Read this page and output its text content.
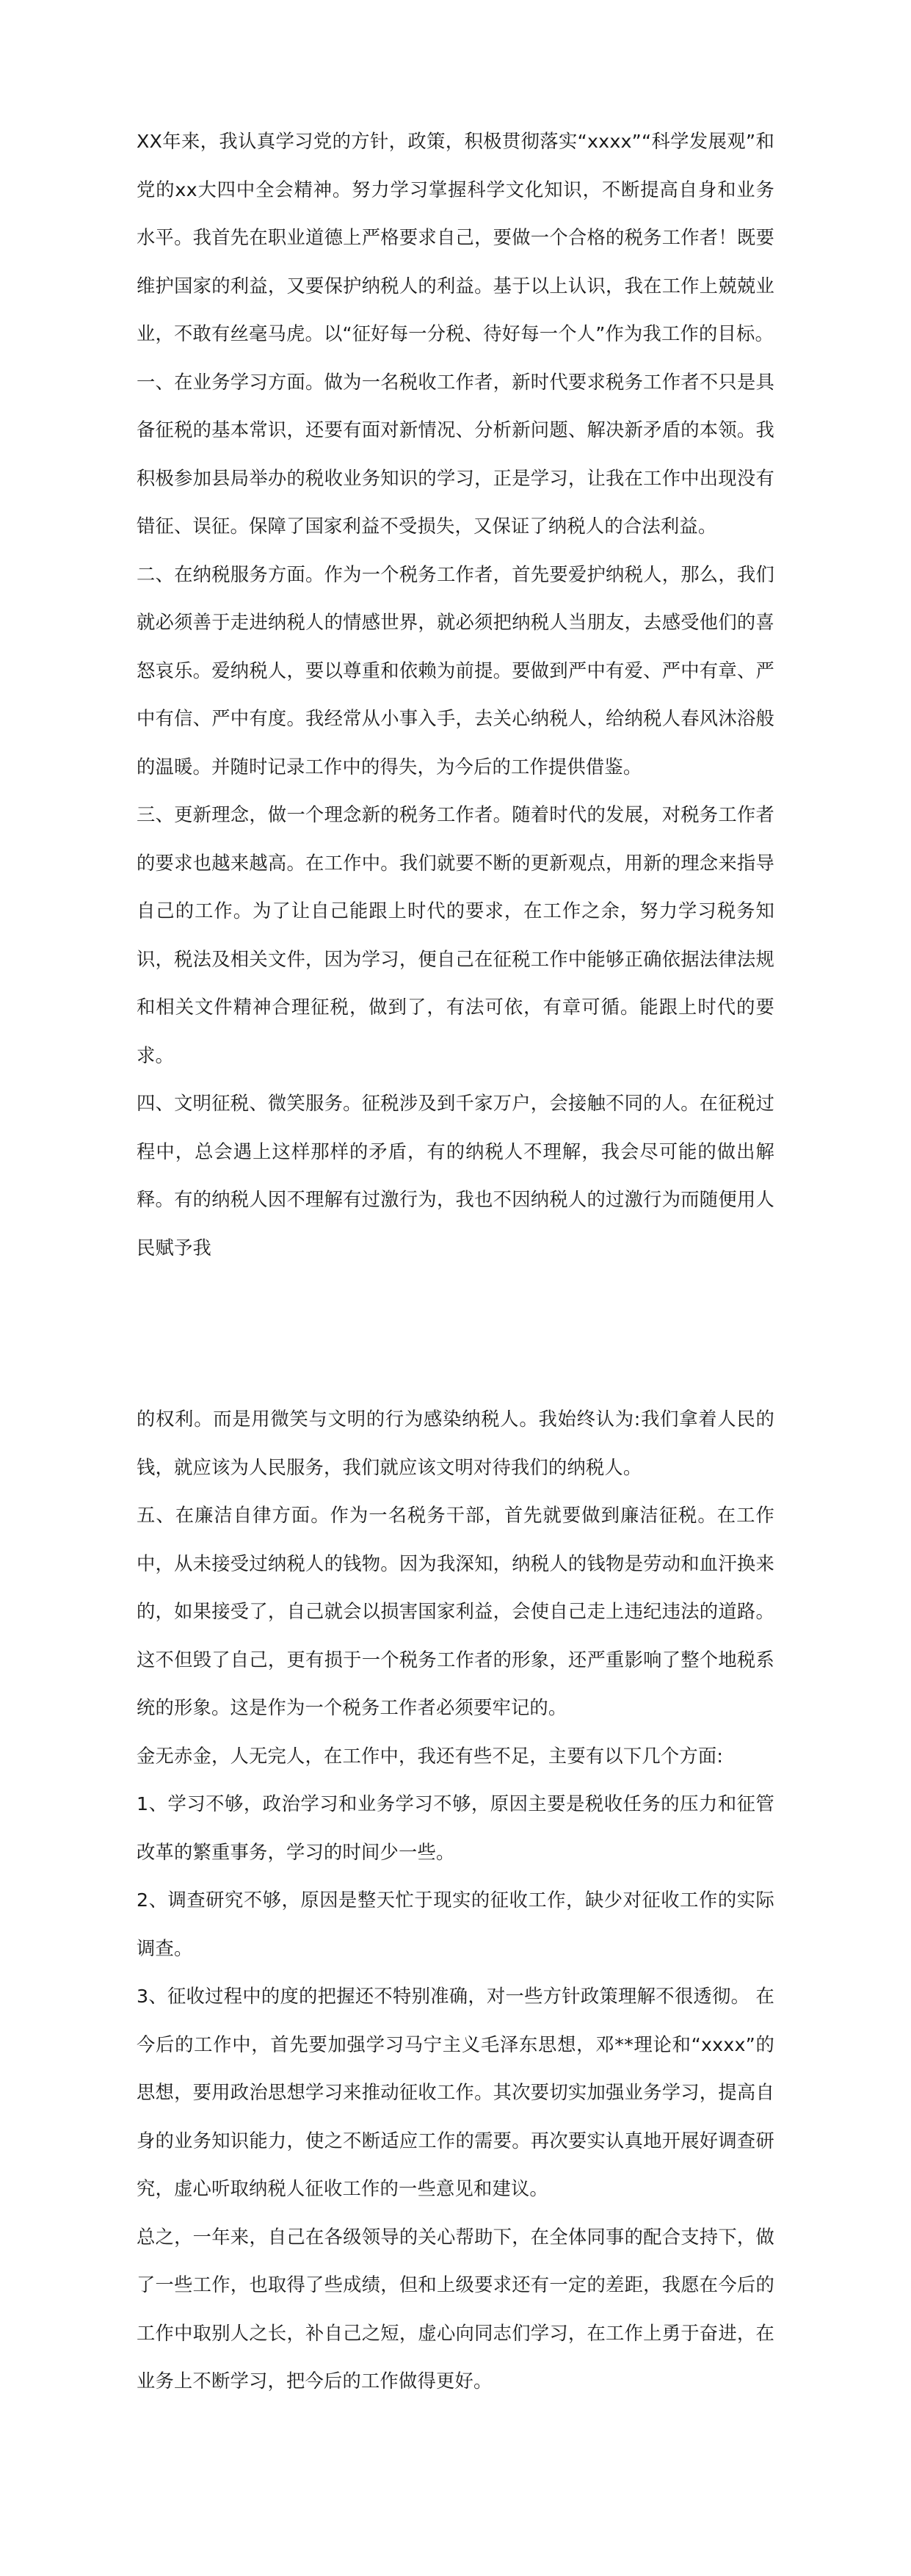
XX年来，我认真学习党的方针，政策，积极贯彻落实“xxxx”“科学发展观”和党的xx大四中全会精神。努力学习掌握科学文化知识，不断提高自身和业务水平。我首先在职业道德上严格要求自己，要做一个合格的税务工作者！既要维护国家的利益，又要保护纳税人的利益。基于以上认识，我在工作上兢兢业业，不敢有丝毫马虎。以“征好每一分税、待好每一个人”作为我工作的目标。

一、在业务学习方面。做为一名税收工作者，新时代要求税务工作者不只是具备征税的基本常识，还要有面对新情况、分析新问题、解决新矛盾的本领。我积极参加县局举办的税收业务知识的学习，正是学习，让我在工作中出现没有错征、误征。保障了国家利益不受损失，又保证了纳税人的合法利益。

二、在纳税服务方面。作为一个税务工作者，首先要爱护纳税人，那么，我们就必须善于走进纳税人的情感世界，就必须把纳税人当朋友，去感受他们的喜怒哀乐。爱纳税人，要以尊重和依赖为前提。要做到严中有爱、严中有章、严中有信、严中有度。我经常从小事入手，去关心纳税人，给纳税人春风沐浴般的温暖。并随时记录工作中的得失，为今后的工作提供借鉴。

三、更新理念，做一个理念新的税务工作者。随着时代的发展，对税务工作者的要求也越来越高。在工作中。我们就要不断的更新观点，用新的理念来指导自己的工作。为了让自己能跟上时代的要求，在工作之余，努力学习税务知识，税法及相关文件，因为学习，便自己在征税工作中能够正确依据法律法规和相关文件精神合理征税，做到了，有法可依，有章可循。能跟上时代的要求。

四、文明征税、微笑服务。征税涉及到千家万户，会接触不同的人。在征税过程中，总会遇上这样那样的矛盾，有的纳税人不理解，我会尽可能的做出解释。有的纳税人因不理解有过激行为，我也不因纳税人的过激行为而随便用人民赋予我

的权利。而是用微笑与文明的行为感染纳税人。我始终认为:我们拿着人民的钱，就应该为人民服务，我们就应该文明对待我们的纳税人。

五、在廉洁自律方面。作为一名税务干部，首先就要做到廉洁征税。在工作中，从未接受过纳税人的钱物。因为我深知，纳税人的钱物是劳动和血汗换来的，如果接受了，自己就会以损害国家利益，会使自己走上违纪违法的道路。这不但毁了自己，更有损于一个税务工作者的形象，还严重影响了整个地税系统的形象。这是作为一个税务工作者必须要牢记的。

金无赤金，人无完人，在工作中，我还有些不足，主要有以下几个方面:

1、学习不够，政治学习和业务学习不够，原因主要是税收任务的压力和征管改革的繁重事务，学习的时间少一些。

2、调查研究不够，原因是整天忙于现实的征收工作，缺少对征收工作的实际调查。

3、征收过程中的度的把握还不特别准确，对一些方针政策理解不很透彻。 在今后的工作中，首先要加强学习马宁主义毛泽东思想，邓**理论和“xxxx”的思想，要用政治思想学习来推动征收工作。其次要切实加强业务学习，提高自身的业务知识能力，使之不断适应工作的需要。再次要实认真地开展好调查研究，虚心听取纳税人征收工作的一些意见和建议。

总之，一年来，自己在各级领导的关心帮助下，在全体同事的配合支持下，做了一些工作，也取得了些成绩，但和上级要求还有一定的差距，我愿在今后的工作中取别人之长，补自己之短，虚心向同志们学习，在工作上勇于奋进，在业务上不断学习，把今后的工作做得更好。
